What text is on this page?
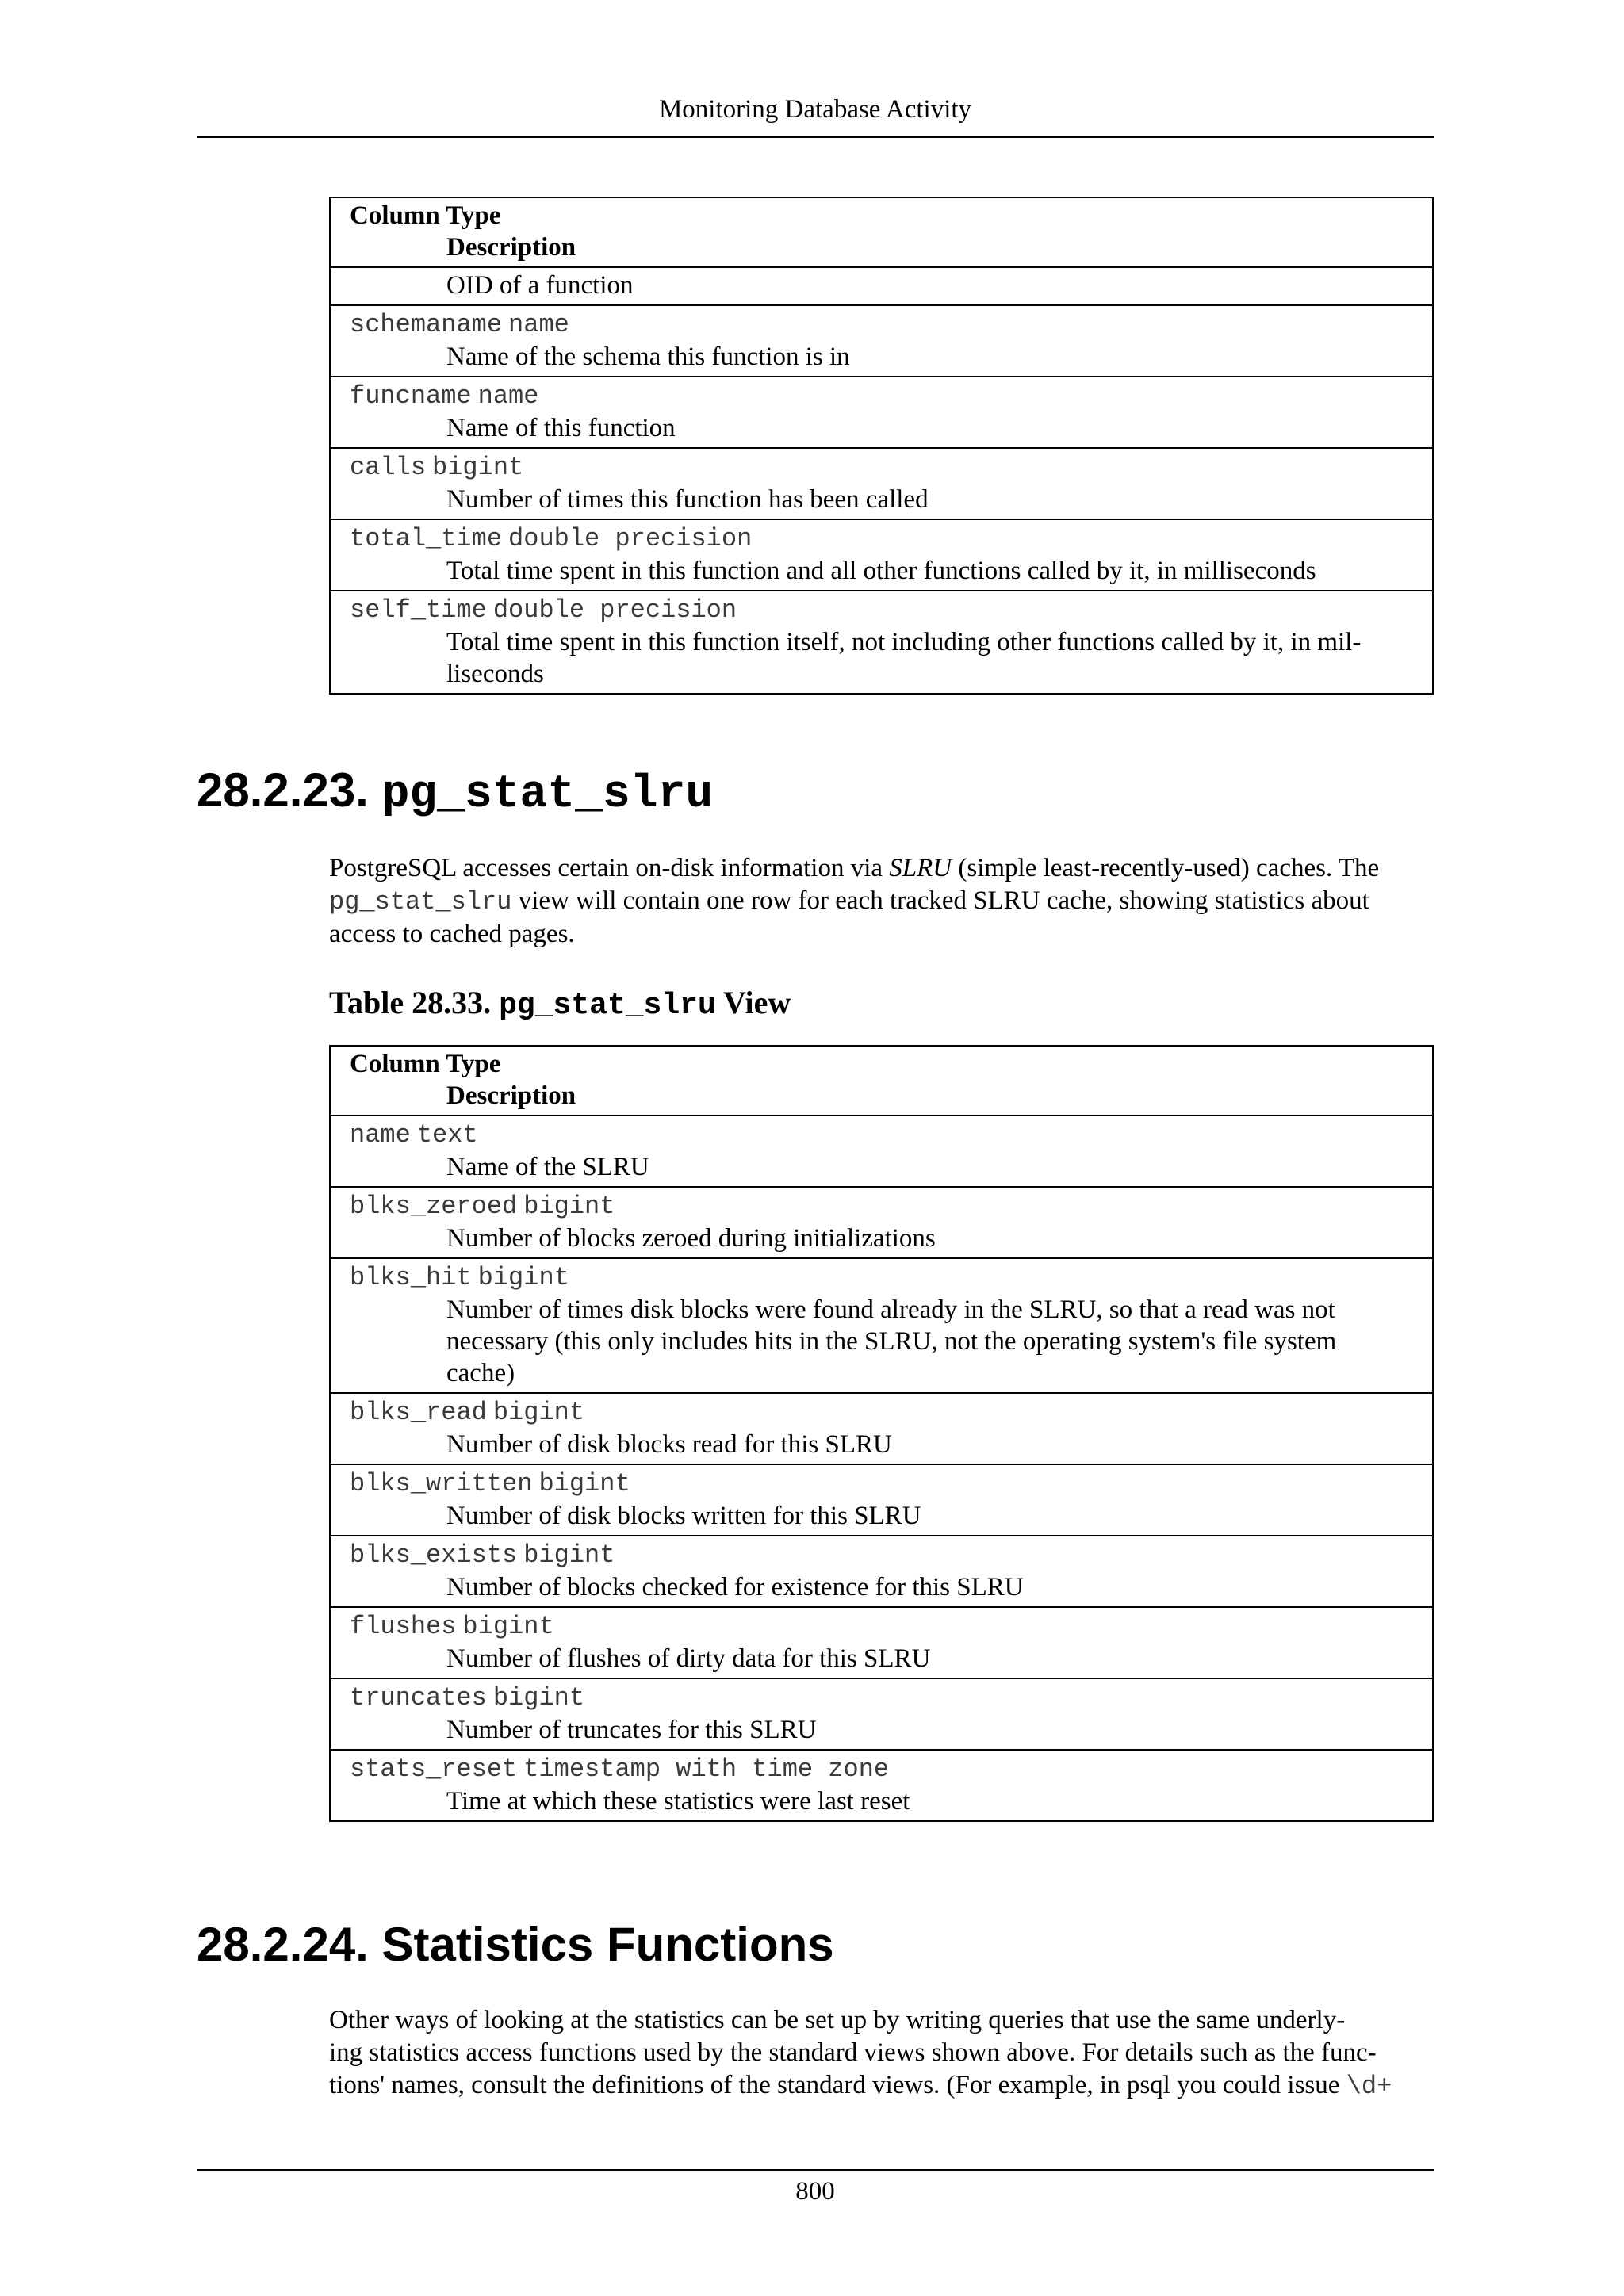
Monitoring Database Activity
Column Type
Description
OID of a function
schemaname name
Name of the schema this function is in
funcname name
Name of this function
calls bigint
Number of times this function has been called
total_time double precision
Total time spent in this function and all other functions called by it, in milliseconds
self_time double precision
Total time spent in this function itself, not including other functions called by it, in mil-
liseconds
28.2.23. pg_stat_slru

PostgreSQL accesses certain on-disk information via SLRU (simple least-recently-used) caches. The
pg_stat_slru view will contain one row for each tracked SLRU cache, showing statistics about
access to cached pages.

Table 28.33. pg_stat_slru View

Column Type
Description
name text
Name of the SLRU
blks_zeroed bigint
Number of blocks zeroed during initializations
blks_hit bigint
Number of times disk blocks were found already in the SLRU, so that a read was not
necessary (this only includes hits in the SLRU, not the operating system's file system
cache)
blks_read bigint
Number of disk blocks read for this SLRU
blks_written bigint
Number of disk blocks written for this SLRU
blks_exists bigint
Number of blocks checked for existence for this SLRU
flushes bigint
Number of flushes of dirty data for this SLRU
truncates bigint
Number of truncates for this SLRU
stats_reset timestamp with time zone
Time at which these statistics were last reset
28.2.24. Statistics Functions

Other ways of looking at the statistics can be set up by writing queries that use the same underly-
ing statistics access functions used by the standard views shown above. For details such as the func-
tions' names, consult the definitions of the standard views. (For example, in psql you could issue \d+

800
